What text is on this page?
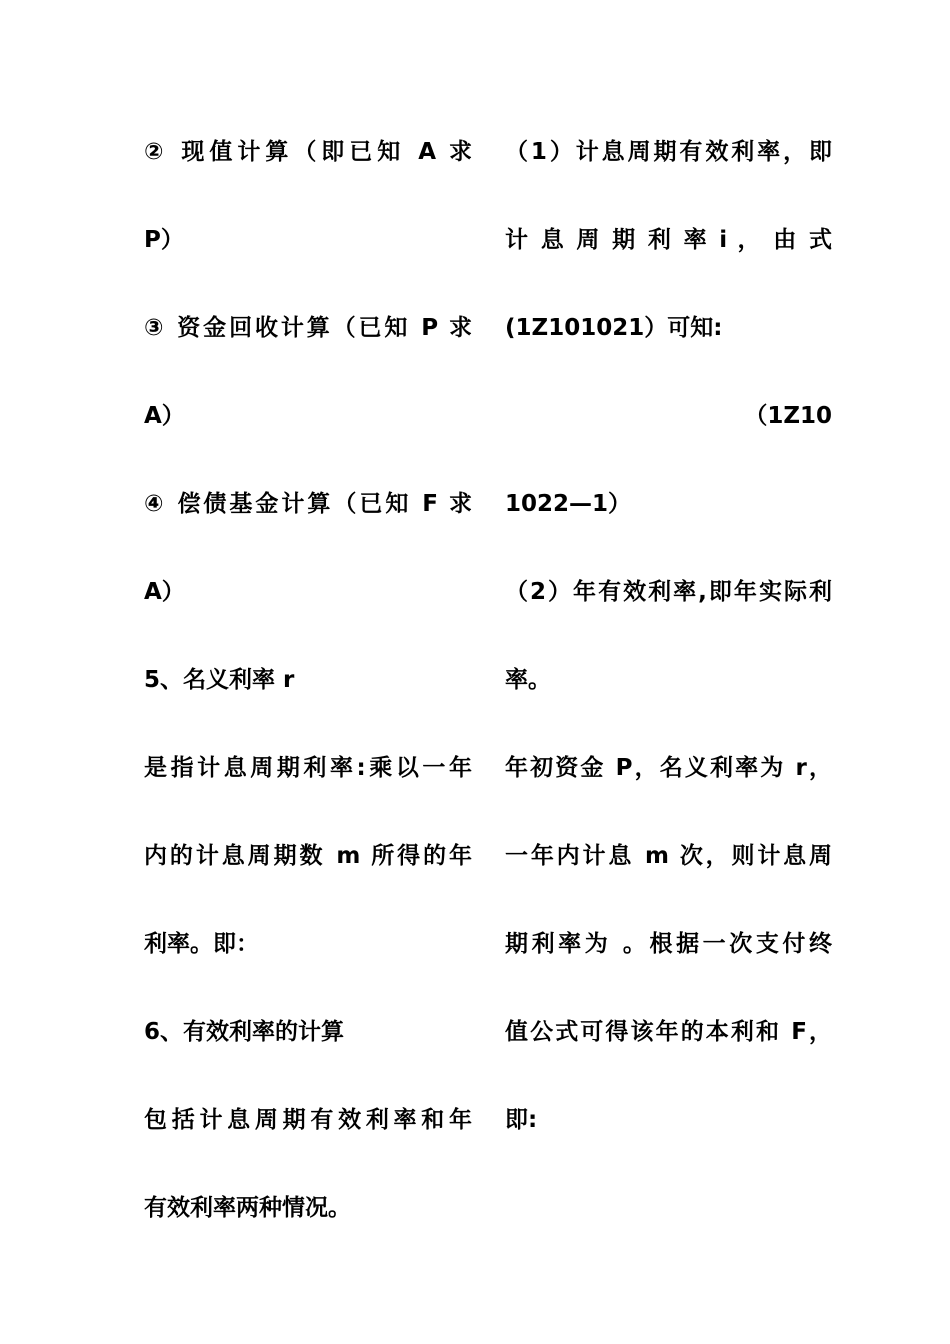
② 现值计算（即已知 A 求
P）
③ 资金回收计算（已知 P 求
A）
④ 偿债基金计算（已知 F 求
A）
5、名义利率 r
是指计息周期利率:乘以一年
内的计息周期数 m 所得的年
利率。即：
6、有效利率的计算
包括计息周期有效利率和年
有效利率两种情况。
（1）计息周期有效利率，即
计 息 周 期 利 率 i ， 由 式
(1Z101021）可知:
（1Z10
1022—1）
（2）年有效利率,即年实际利
率。
年初资金 P，名义利率为 r，
一年内计息 m 次，则计息周
期利率为 。根据一次支付终
值公式可得该年的本利和 F，
即:
